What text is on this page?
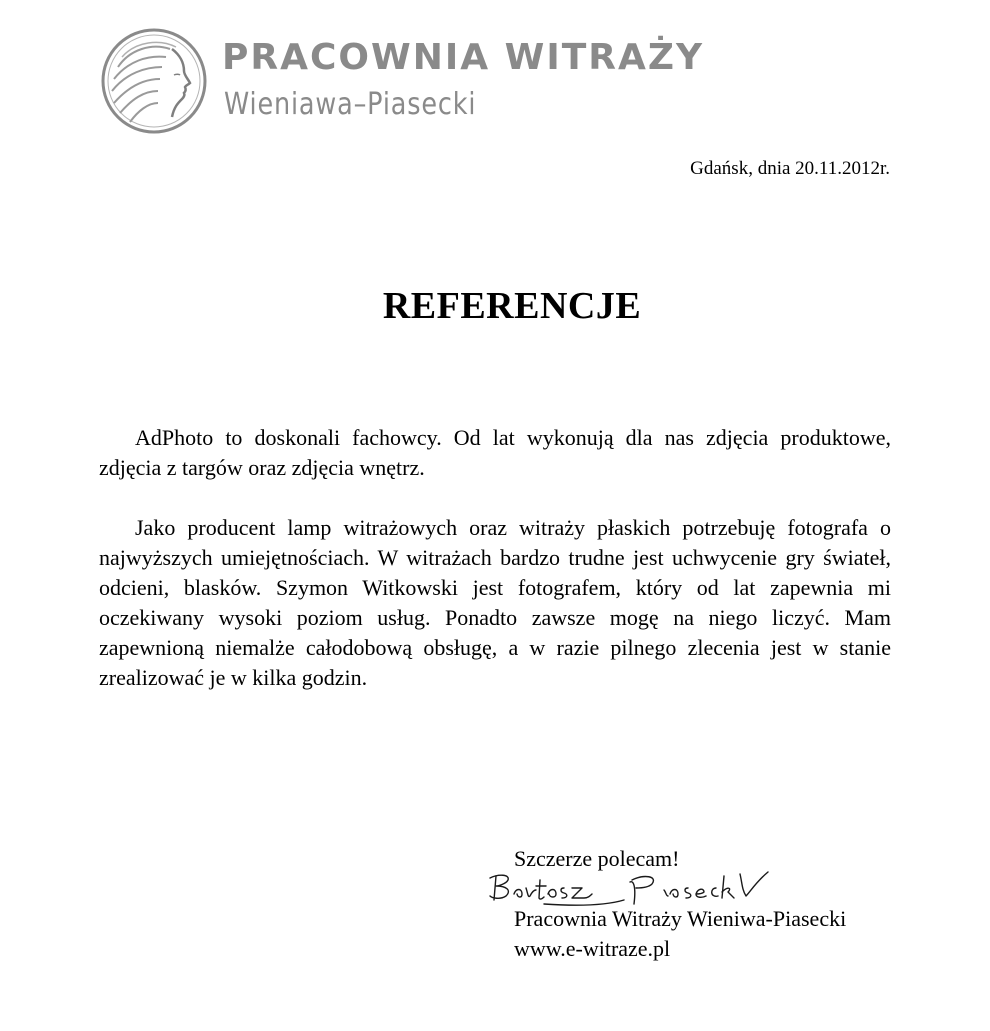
PRACOWNIA WITRAŻY
Wieniawa–Piasecki
Gdańsk, dnia 20.11.2012r.
REFERENCJE

AdPhoto to doskonali fachowcy. Od lat wykonują dla nas zdjęcia produktowe, zdjęcia z targów oraz zdjęcia wnętrz.

Jako producent lamp witrażowych oraz witraży płaskich potrzebuję fotografa o najwyższych umiejętnościach. W witrażach bardzo trudne jest uchwycenie gry świateł, odcieni, blasków. Szymon Witkowski jest fotografem, który od lat zapewnia mi oczekiwany wysoki poziom usług. Ponadto zawsze mogę na niego liczyć. Mam zapewnioną niemalże całodobową obsługę, a w razie pilnego zlecenia jest w stanie zrealizować je w kilka godzin.

Szczerze polecam!
Pracownia Witraży Wieniwa-Piasecki
www.e-witraze.pl
